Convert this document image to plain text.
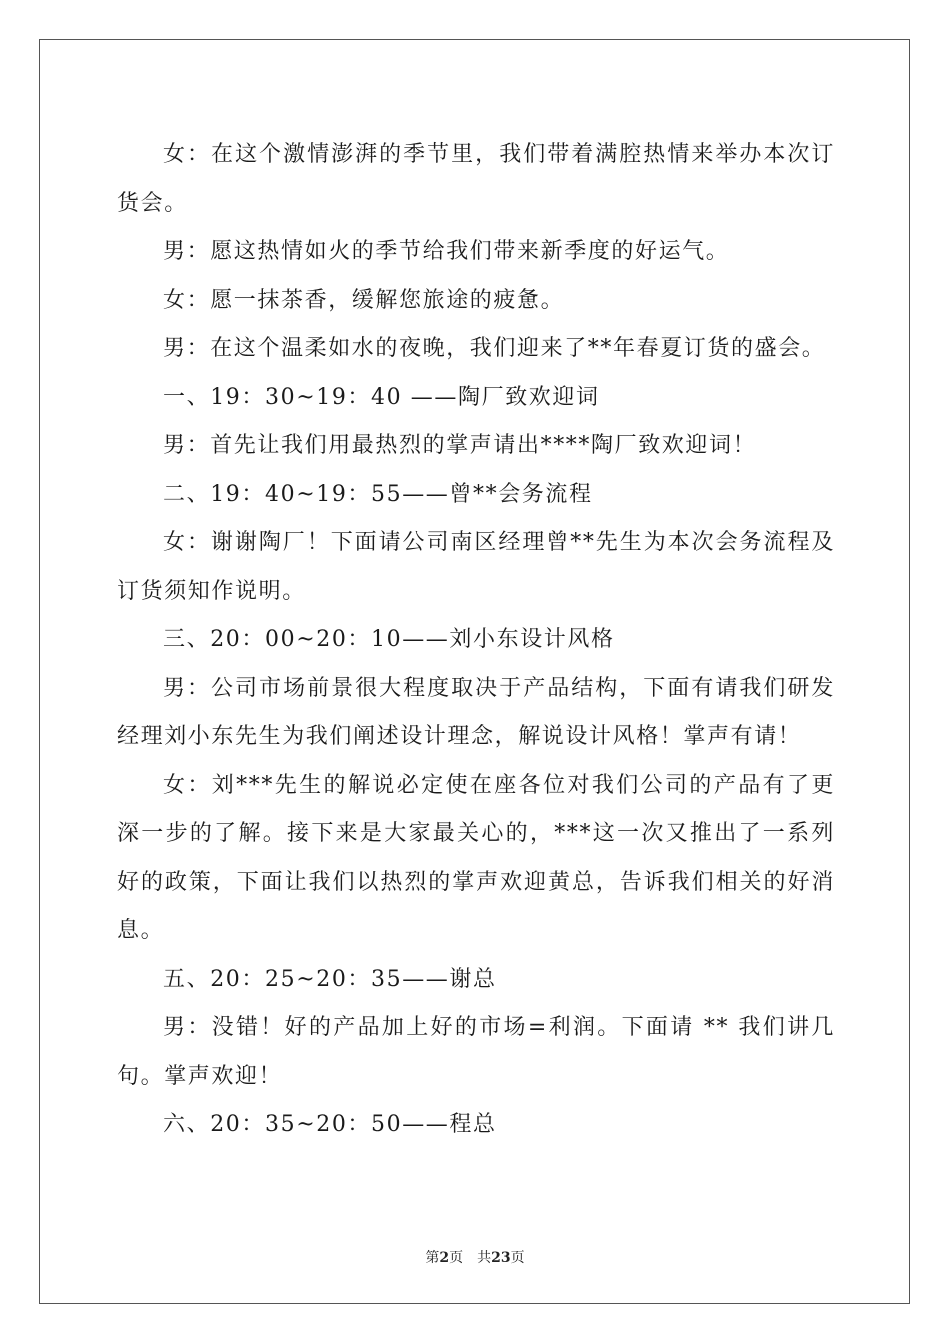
女：在这个激情澎湃的季节里，我们带着满腔热情来举办本次订货会。

男：愿这热情如火的季节给我们带来新季度的好运气。

女：愿一抹茶香，缓解您旅途的疲惫。

男：在这个温柔如水的夜晚，我们迎来了**年春夏订货的盛会。

一、19：30~19：40 ——陶厂致欢迎词

男：首先让我们用最热烈的掌声请出****陶厂致欢迎词！

二、19：40~19：55——曾**会务流程

女：谢谢陶厂！下面请公司南区经理曾**先生为本次会务流程及订货须知作说明。

三、20：00~20：10——刘小东设计风格

男：公司市场前景很大程度取决于产品结构，下面有请我们研发经理刘小东先生为我们阐述设计理念，解说设计风格！掌声有请！

女：刘***先生的解说必定使在座各位对我们公司的产品有了更深一步的了解。接下来是大家最关心的，***这一次又推出了一系列好的政策，下面让我们以热烈的掌声欢迎黄总，告诉我们相关的好消息。

五、20：25~20：35——谢总

男：没错！好的产品加上好的市场=利润。下面请 ** 我们讲几句。掌声欢迎！

六、20：35~20：50——程总

第2页 共23页
